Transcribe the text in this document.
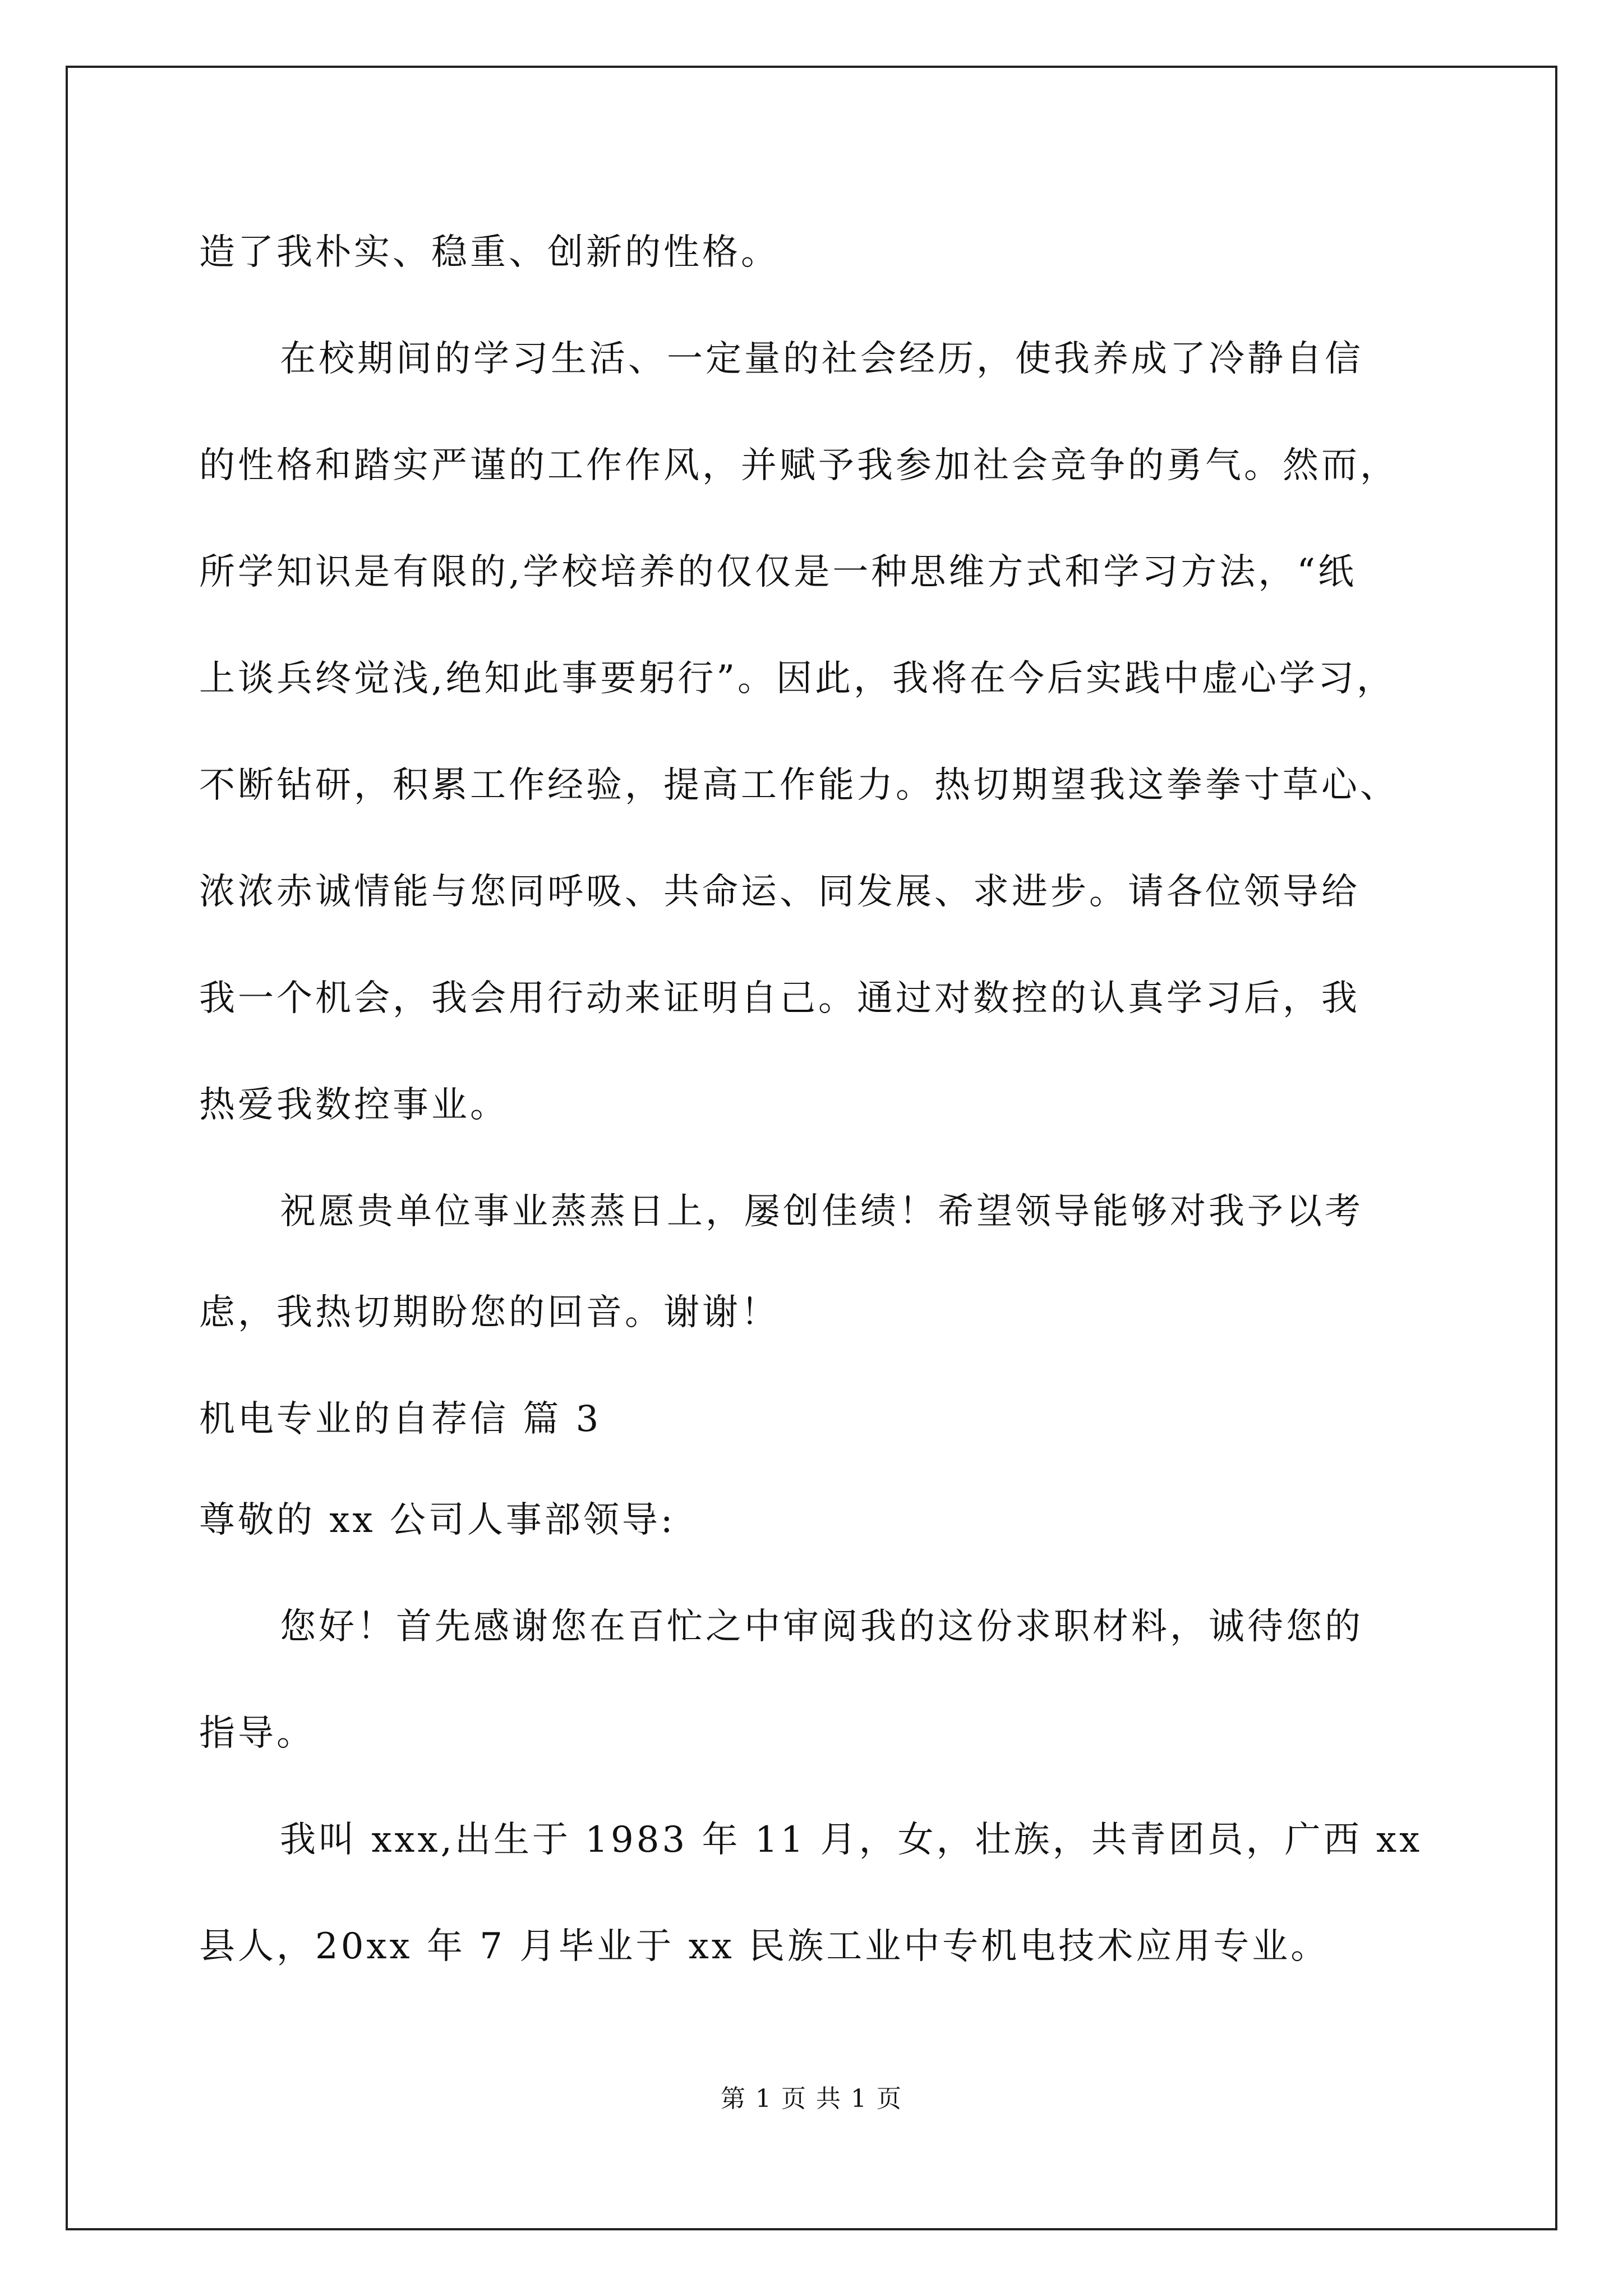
造了我朴实、稳重、创新的性格。
在校期间的学习生活、一定量的社会经历，使我养成了冷静自信
的性格和踏实严谨的工作作风，并赋予我参加社会竞争的勇气。然而，
所学知识是有限的,学校培养的仅仅是一种思维方式和学习方法，“纸
上谈兵终觉浅,绝知此事要躬行”。因此，我将在今后实践中虚心学习，
不断钻研，积累工作经验，提高工作能力。热切期望我这拳拳寸草心、
浓浓赤诚情能与您同呼吸、共命运、同发展、求进步。请各位领导给
我一个机会，我会用行动来证明自己。通过对数控的认真学习后，我
热爱我数控事业。
祝愿贵单位事业蒸蒸日上，屡创佳绩！希望领导能够对我予以考
虑，我热切期盼您的回音。谢谢！
机电专业的自荐信 篇 3
尊敬的 xx 公司人事部领导:
您好！首先感谢您在百忙之中审阅我的这份求职材料，诚待您的
指导。
我叫 xxx,出生于 1983 年 11 月，女，壮族，共青团员，广西 xx
县人，20xx 年 7 月毕业于 xx 民族工业中专机电技术应用专业。
第 1 页 共 1 页
